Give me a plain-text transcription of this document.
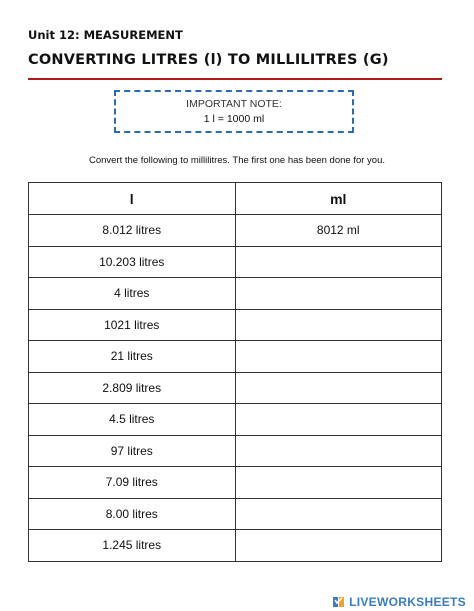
Unit 12: MEASUREMENT
CONVERTING LITRES (l) TO MILLILITRES (G)
IMPORTANT NOTE:
1 l = 1000 ml
Convert the following to millilitres. The first one has been done for you.
l	ml
8.012 litres	8012 ml
10.203 litres	
4 litres	
1021 litres	
21 litres	
2.809 litres	
4.5 litres	
97 litres	
7.09 litres	
8.00 litres	
1.245 litres	
LIVEWORKSHEETS
